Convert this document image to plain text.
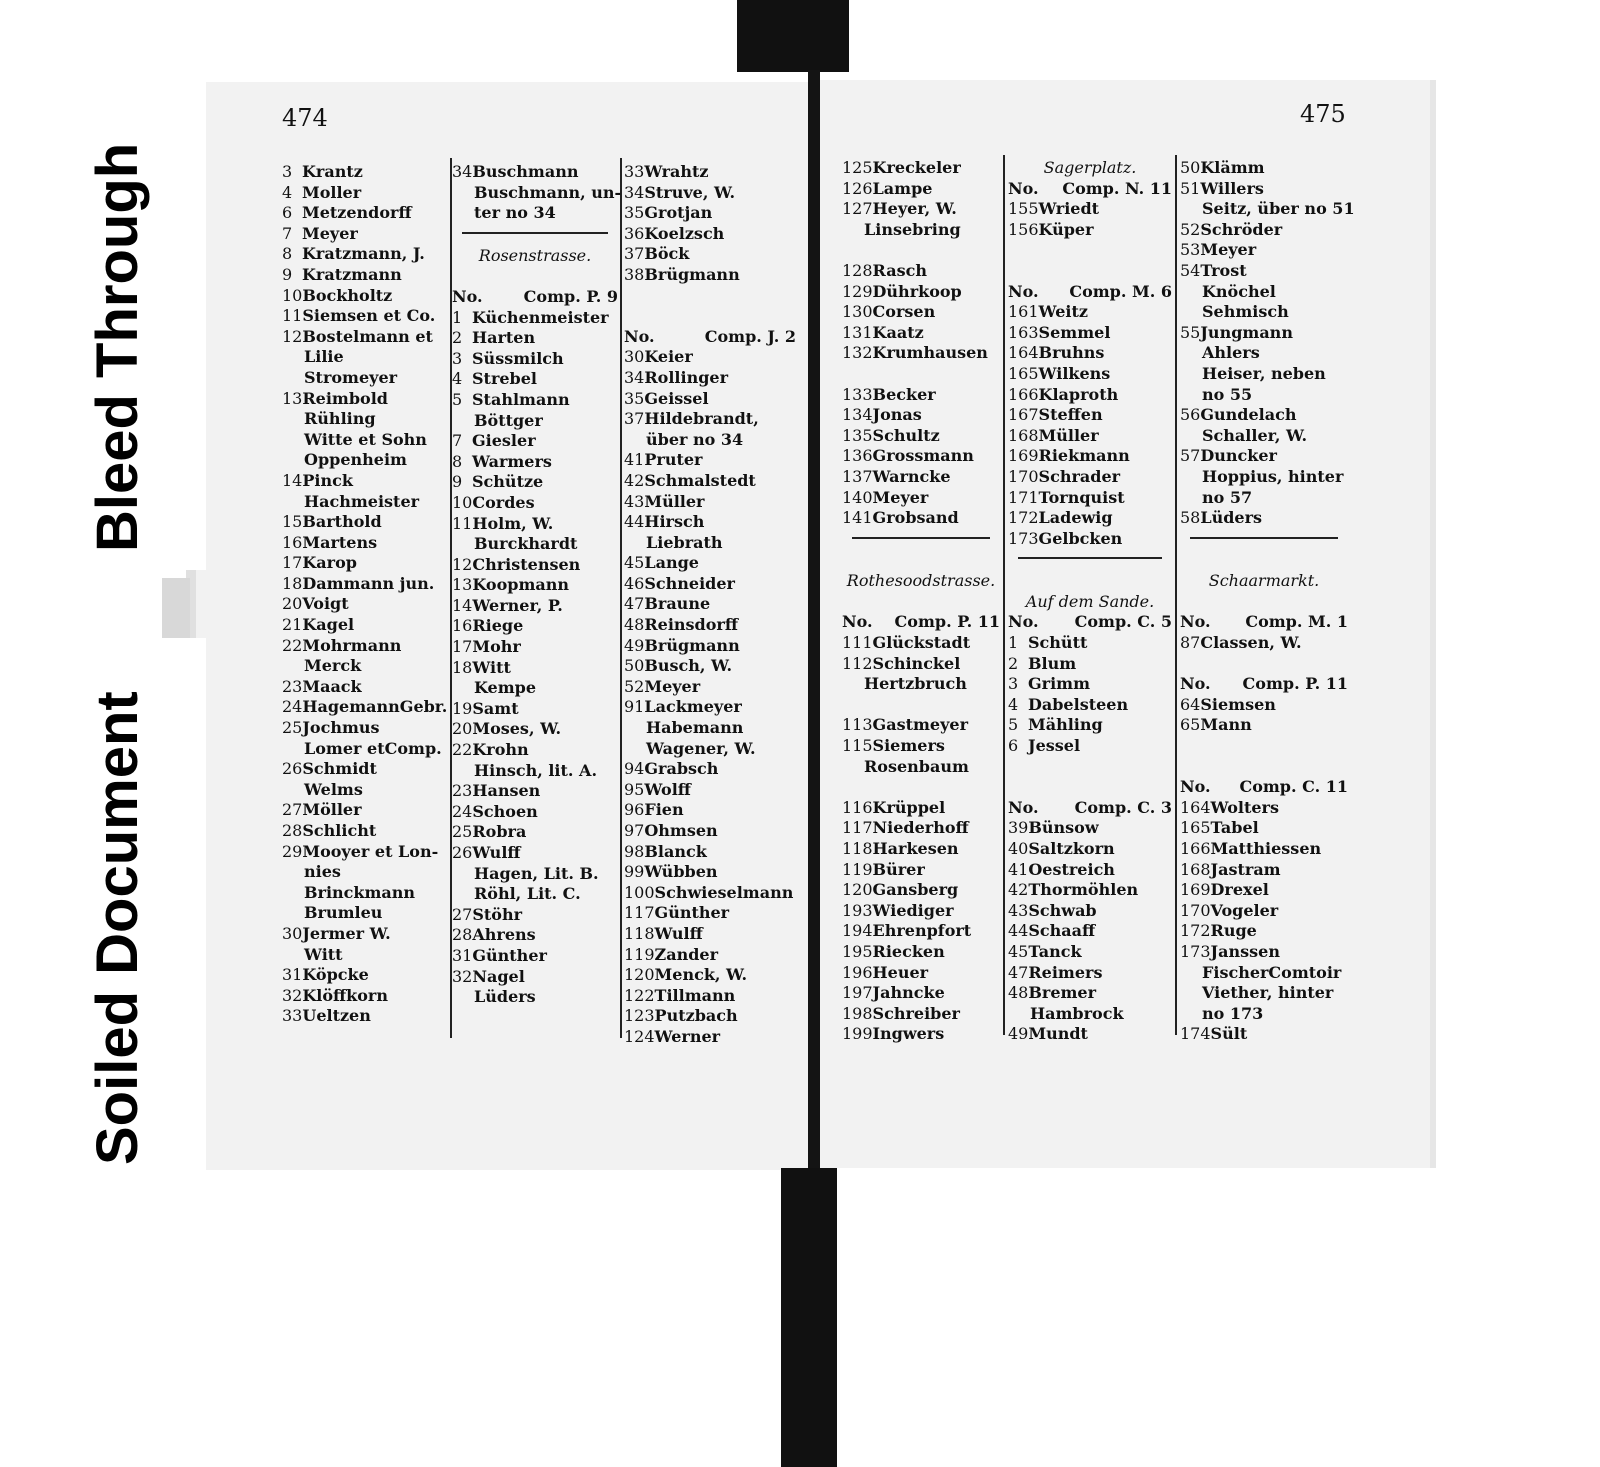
Bleed Through
Soiled Document
474	475
3 Krantz
4 Moller
6 Metzendorff
7 Meyer
8 Kratzmann, J.
9 Kratzmann
10Bockholtz
11Siemsen et Co.
12Bostelmann et
Lilie
Stromeyer
13Reimbold
Rühling
Witte et Sohn
Oppenheim
14Pinck
Hachmeister
15Barthold
16Martens
17Karop
18Dammann jun.
20Voigt
21Kagel
22Mohrmann
Merck
23Maack
24HagemannGebr.
25Jochmus
Lomer etComp.
26Schmidt
Welms
27Möller
28Schlicht
29Mooyer et Lon-
nies
Brinckmann
Brumleu
30Jermer W.
Witt
31Köpcke
32Klöffkorn
33Ueltzen
34Buschmann
Buschmann, un-
ter no 34
Rosenstrasse.
No.	Comp. P. 9
1 Küchenmeister
2 Harten
3 Süssmilch
4 Strebel
5 Stahlmann
Böttger
7 Giesler
8 Warmers
9 Schütze
10Cordes
11Holm, W.
Burckhardt
12Christensen
13Koopmann
14Werner, P.
16Riege
17Mohr
18Witt
Kempe
19Samt
20Moses, W.
22Krohn
Hinsch, lit. A.
23Hansen
24Schoen
25Robra
26Wulff
Hagen, Lit. B.
Röhl, Lit. C.
27Stöhr
28Ahrens
31Günther
32Nagel
Lüders
33Wrahtz
34Struve, W.
35Grotjan
36Koelzsch
37Böck
38Brügmann
No.	Comp. J. 2
30Keier
34Rollinger
35Geissel
37Hildebrandt,
über no 34
41Pruter
42Schmalstedt
43Müller
44Hirsch
Liebrath
45Lange
46Schneider
47Braune
48Reinsdorff
49Brügmann
50Busch, W.
52Meyer
91Lackmeyer
Habemann
Wagener, W.
94Grabsch
95Wolff
96Fien
97Ohmsen
98Blanck
99Wübben
100Schwieselmann
117Günther
118Wulff
119Zander
120Menck, W.
122Tillmann
123Putzbach
124Werner
125Kreckeler
126Lampe
127Heyer, W.
Linsebring
128Rasch
129Dührkoop
130Corsen
131Kaatz
132Krumhausen
133Becker
134Jonas
135Schultz
136Grossmann
137Warncke
140Meyer
141Grobsand
Rothesoodstrasse.
No. Comp. P. 11
111Glückstadt
112Schinckel
Hertzbruch
113Gastmeyer
115Siemers
Rosenbaum
116Krüppel
117Niederhoff
118Harkesen
119Bürer
120Gansberg
193Wiediger
194Ehrenpfort
195Riecken
196Heuer
197Jahncke
198Schreiber
199Ingwers
Sagerplatz.
No. Comp. N. 11
155Wriedt
156Küper
No. Comp. M. 6
161Weitz
163Semmel
164Bruhns
165Wilkens
166Klaproth
167Steffen
168Müller
169Riekmann
170Schrader
171Tornquist
172Ladewig
173Gelbcken
Auf dem Sande.
No. Comp. C. 5
1 Schütt
2 Blum
3 Grimm
4 Dabelsteen
5 Mähling
6 Jessel
No. Comp. C. 3
39Bünsow
40Saltzkorn
41Oestreich
42Thormöhlen
43Schwab
44Schaaff
45Tanck
47Reimers
48Bremer
Hambrock
49Mundt
50Klämm
51Willers
Seitz, über no 51
52Schröder
53Meyer
54Trost
Knöchel
Sehmisch
55Jungmann
Ahlers
Heiser, neben
no 55
56Gundelach
Schaller, W.
57Duncker
Hoppius, hinter
no 57
58Lüders
Schaarmarkt.
No. Comp. M. 1
87Classen, W.
No. Comp. P. 11
64Siemsen
65Mann
No. Comp. C. 11
164Wolters
165Tabel
166Matthiessen
168Jastram
169Drexel
170Vogeler
172Ruge
173Janssen
FischerComtoir
Viether, hinter
no 173
174Sült
